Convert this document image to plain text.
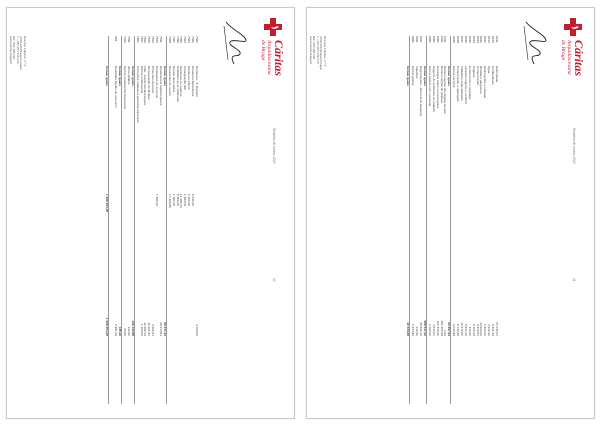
Cáritas
Arquidiocesana de Braga
Relatório de contas 2020
42
7321
Donativos - T. Imposto
4 765,00
7322
Donativos Benfeitores
6 512,00
7323
Donativos Vários
2 250,00
7324
Consignação IRS
1 893,05
7325
Donativos em espécie
11 345,24
7326
Subsídios ao investimento
8 900,00
7327
Quotas associados
1 360,00
7328
Reembolso de custos
17 326,55
Somas iguais
89 271,40
7811
Rendimentos suplementares
33 214,81
7812
Prestações de serviços
1 380,00
7813
Protocolos diversos
3 460,21
7815
Recuperação de dívidas
11 201,50
7816
FSE - Fundo Social Europeu
12 482,13
7817
Outros rendimentos
1 100,00
7821
Correções relativas a períodos anteriores
Somas iguais
106 729,88
7911
Juros obtidos
112,60
7912
Outros rendimentos financeiros
22,80
Somas iguais
135,40
818
Resultado líquido do exercício
2 981,69
Somas iguais
1 008 354,25
1 008 354,25
Rua dos Falcões, n.º 5
4700-326 Braga Portugal
T. +351 253 219 370
NIF: 502 408 294
www.caritas-braga.pt	Cáritas
Arquidiocesana de Braga
Relatório de contas 2020
41
6211
Eletricidade
27 045,47
6212
Combustíveis
6 421,33
6213
Água
4 233,10
6221
Deslocações e estadas
1 820,00
6222
Rendas e alugueres
14 200,00
6223
Comunicação
3 972,51
6224
Seguros
5 106,18
6225
Contencioso e notariado
310,00
6226
Limpeza, higiene e conforto
9 844,72
6227
Trabalhos especializados
12 570,00
6228
Conservação e reparação
8 133,45
6229
Outros serviços
2 040,88
Somas iguais
95 697,64
6311
Remunerações dos órgãos sociais
0,00
6321
Remunerações do pessoal
481 226,93
6351
Encargos sobre remunerações
101 348,20
6361
Seguros de acidentes no trabalho
4 812,07
6381
Outros gastos com o pessoal
2 160,00
Somas iguais
589 547,20
6421
Depreciações - ativos fixos tangíveis
38 406,12
6811
Impostos
412,30
6881
Outros gastos
1 914,66
Somas iguais
40 733,08
Rua dos Falcões, n.º 5
4700-326 Braga Portugal
T. +351 253 219 370
NIF: 502 408 294
www.caritas-braga.pt
